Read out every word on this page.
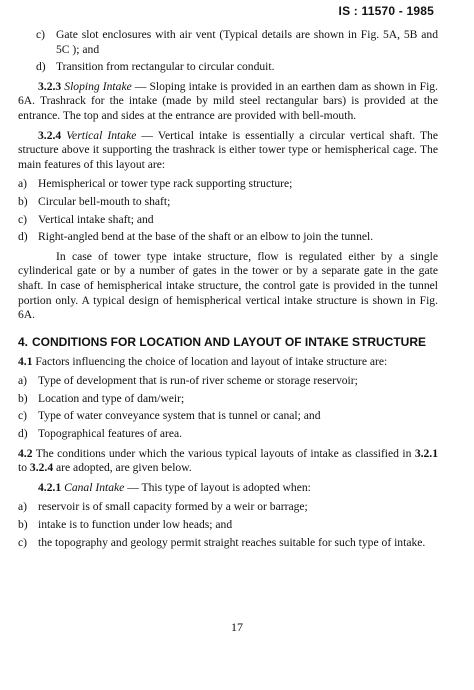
IS : 11570 - 1985
c) Gate slot enclosures with air vent (Typical details are shown in Fig. 5A, 5B and 5C ); and
d) Transition from rectangular to circular conduit.

3.2.3 Sloping Intake — Sloping intake is provided in an earthen dam as shown in Fig. 6A. Trashrack for the intake (made by mild steel rectangular bars) is provided at the entrance. The top and sides at the entrance are provided with bell-mouth.

3.2.4 Vertical Intake — Vertical intake is essentially a circular vertical shaft. The structure above it supporting the trashrack is either tower type or hemispherical cage. The main features of this layout are:

a) Hemispherical or tower type rack supporting structure;
b) Circular bell-mouth to shaft;
c) Vertical intake shaft; and
d) Right-angled bend at the base of the shaft or an elbow to join the tunnel.

In case of tower type intake structure, flow is regulated either by a single cylinderical gate or by a number of gates in the tower or by a separate gate in the gate shaft. In case of hemispherical intake structure, the control gate is provided in the tunnel portion only. A typical design of hemispherical vertical intake structure is shown in Fig. 6A.

4. CONDITIONS FOR LOCATION AND LAYOUT OF INTAKE STRUCTURE

4.1 Factors influencing the choice of location and layout of intake structure are:

a) Type of development that is run-of river scheme or storage reservoir;
b) Location and type of dam/weir;
c) Type of water conveyance system that is tunnel or canal; and
d) Topographical features of area.

4.2 The conditions under which the various typical layouts of intake as classified in 3.2.1 to 3.2.4 are adopted, are given below.

4.2.1 Canal Intake — This type of layout is adopted when:

a) reservoir is of small capacity formed by a weir or barrage;
b) intake is to function under low heads; and
c) the topography and geology permit straight reaches suitable for such type of intake.
17
